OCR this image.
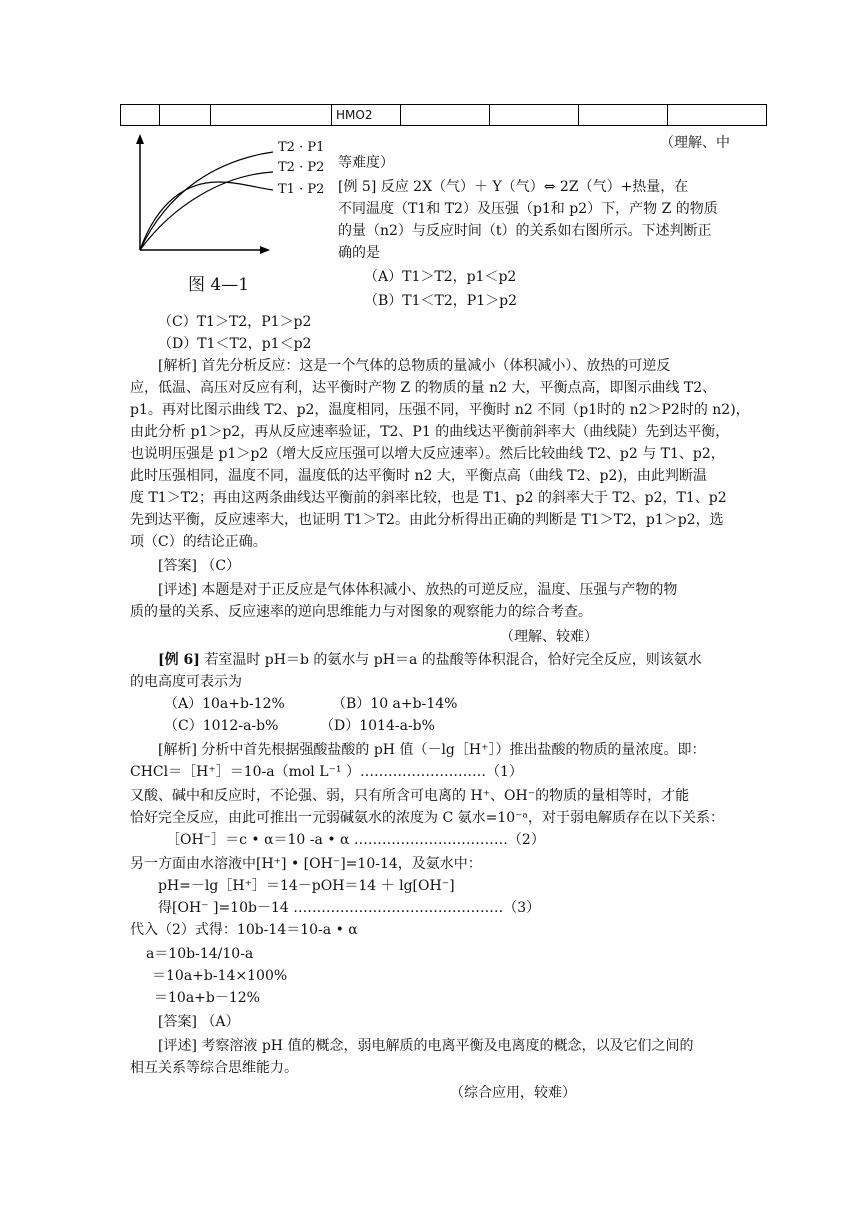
			HMO2				
T2 · P1
T2 · P2
T1 · P2
图 4—1
（理解、中
等难度）
[例 5] 反应 2X（气）＋ Y（气）⇔ 2Z（气）+热量，在
不同温度（T1和 T2）及压强（p1和 p2）下，产物 Z 的物质
的量（n2）与反应时间（t）的关系如右图所示。下述判断正
确的是
（A）T1＞T2，p1＜p2
（B）T1＜T2，P1＞p2
（C）T1＞T2，P1＞p2
（D）T1＜T2，p1＜p2
[解析] 首先分析反应：这是一个气体的总物质的量减小（体积减小）、放热的可逆反
应，低温、高压对反应有利，达平衡时产物 Z 的物质的量 n2 大，平衡点高，即图示曲线 T2、
p1。再对比图示曲线 T2、p2，温度相同，压强不同，平衡时 n2 不同（p1时的 n2＞P2时的 n2)，
由此分析 p1＞p2，再从反应速率验证，T2、P1 的曲线达平衡前斜率大（曲线陡）先到达平衡，
也说明压强是 p1＞p2（增大反应压强可以增大反应速率）。然后比较曲线 T2、p2 与 T1、p2，
此时压强相同，温度不同，温度低的达平衡时 n2 大，平衡点高（曲线 T2、p2)，由此判断温
度 T1＞T2；再由这两条曲线达平衡前的斜率比较，也是 T1、p2 的斜率大于 T2、p2，T1、p2
先到达平衡，反应速率大，也证明 T1＞T2。由此分析得出正确的判断是 T1＞T2，p1＞p2，选
项（C）的结论正确。
[答案] （C）
[评述] 本题是对于正反应是气体体积减小、放热的可逆反应，温度、压强与产物的物
质的量的关系、反应速率的逆向思维能力与对图象的观察能力的综合考查。
（理解、较难）
[例 6] 若室温时 pH＝b 的氨水与 pH＝a 的盐酸等体积混合，恰好完全反应，则该氨水
的电高度可表示为
（A）10a+b-12%	（B）10 a+b-14%
（C）1012-a-b%	（D）1014-a-b%
[解析] 分析中首先根据强酸盐酸的 pH 值（－lg［H⁺］）推出盐酸的物质的量浓度。即：
CHCl＝［H⁺］＝10-a（mol L⁻¹ ）………………………（1）
又酸、碱中和反应时，不论强、弱，只有所含可电离的 H⁺、OH⁻的物质的量相等时，才能
恰好完全反应，由此可推出一元弱碱氨水的浓度为 C 氨水=10⁻ᵃ，对于弱电解质存在以下关系：
［OH⁻］＝c • α＝10 -a • α ……………………………（2）
另一方面由水溶液中[H⁺] • [OH⁻]=10-14，及氨水中：
pH=－lg［H⁺］＝14－pOH＝14 ＋ lg[OH⁻]
得[OH⁻ ]=10b－14 ………………………………………（3）
代入（2）式得：10b-14＝10-a • α
a＝10b-14/10-a
＝10a+b-14×100%
＝10a+b－12%
[答案] （A）
[评述] 考察溶液 pH 值的概念，弱电解质的电离平衡及电离度的概念，以及它们之间的
相互关系等综合思维能力。
（综合应用，较难）
